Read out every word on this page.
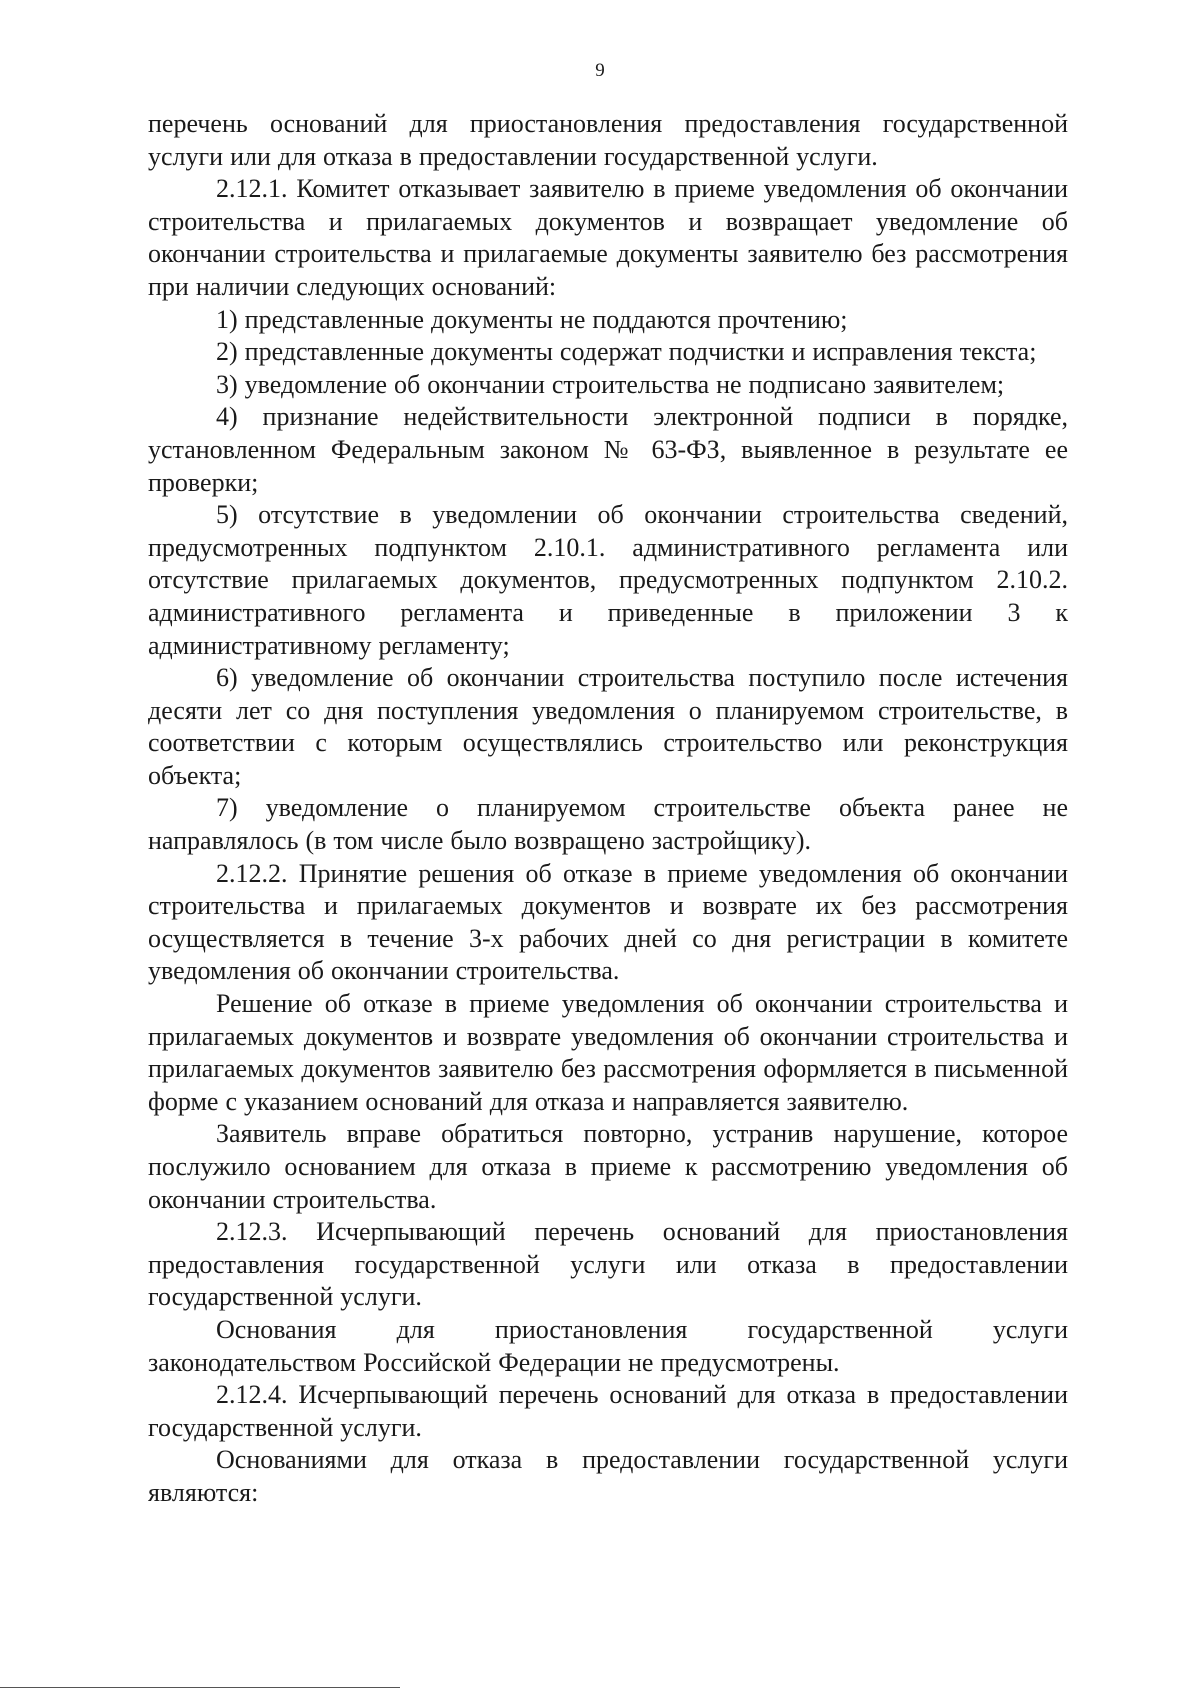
9

перечень оснований для приостановления предоставления государственной услуги или для отказа в предоставлении государственной услуги.

2.12.1. Комитет отказывает заявителю в приеме уведомления об окончании строительства и прилагаемых документов и возвращает уведомление об окончании строительства и прилагаемые документы заявителю без рассмотрения при наличии следующих оснований:

1) представленные документы не поддаются прочтению;

2) представленные документы содержат подчистки и исправления текста;

3) уведомление об окончании строительства не подписано заявителем;

4) признание недействительности электронной подписи в порядке, установленном Федеральным законом № 63-ФЗ, выявленное в результате ее проверки;

5) отсутствие в уведомлении об окончании строительства сведений, предусмотренных подпунктом 2.10.1. административного регламента или отсутствие прилагаемых документов, предусмотренных подпунктом 2.10.2. административного регламента и приведенные в приложении 3 к административному регламенту;

6) уведомление об окончании строительства поступило после истечения десяти лет со дня поступления уведомления о планируемом строительстве, в соответствии с которым осуществлялись строительство или реконструкция объекта;

7) уведомление о планируемом строительстве объекта ранее не направлялось (в том числе было возвращено застройщику).

2.12.2. Принятие решения об отказе в приеме уведомления об окончании строительства и прилагаемых документов и возврате их без рассмотрения осуществляется в течение 3-х рабочих дней со дня регистрации в комитете уведомления об окончании строительства.

Решение об отказе в приеме уведомления об окончании строительства и прилагаемых документов и возврате уведомления об окончании строительства и прилагаемых документов заявителю без рассмотрения оформляется в письменной форме с указанием оснований для отказа и направляется заявителю.

Заявитель вправе обратиться повторно, устранив нарушение, которое послужило основанием для отказа в приеме к рассмотрению уведомления об окончании строительства.

2.12.3. Исчерпывающий перечень оснований для приостановления предоставления государственной услуги или отказа в предоставлении государственной услуги.

Основания для приостановления государственной услуги законодательством Российской Федерации не предусмотрены.

2.12.4. Исчерпывающий перечень оснований для отказа в предоставлении государственной услуги.

Основаниями для отказа в предоставлении государственной услуги являются:
